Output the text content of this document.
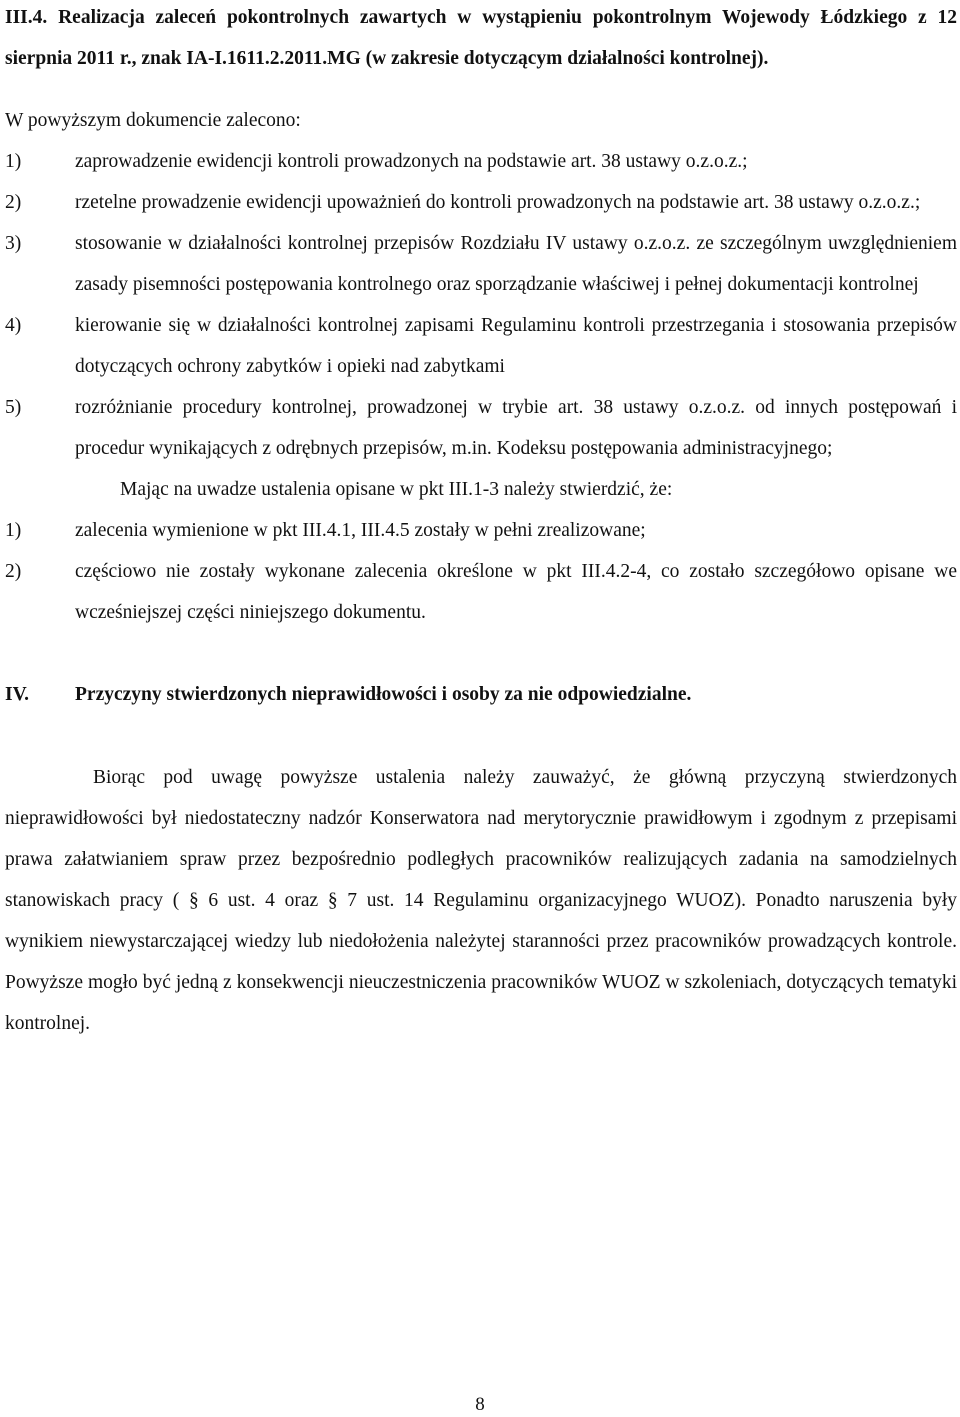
III.4. Realizacja zaleceń pokontrolnych zawartych w wystąpieniu pokontrolnym Wojewody Łódzkiego z 12 sierpnia 2011 r., znak IA-I.1611.2.2011.MG (w zakresie dotyczącym działalności kontrolnej).
W powyższym dokumencie zalecono:
1)	zaprowadzenie ewidencji kontroli prowadzonych na podstawie art. 38 ustawy o.z.o.z.;
2)	rzetelne prowadzenie ewidencji upoważnień do kontroli prowadzonych na podstawie art. 38 ustawy o.z.o.z.;
3)	stosowanie w działalności kontrolnej przepisów Rozdziału IV ustawy o.z.o.z. ze szczególnym uwzględnieniem zasady pisemności postępowania kontrolnego oraz sporządzanie właściwej i pełnej dokumentacji kontrolnej
4)	kierowanie się w działalności kontrolnej zapisami Regulaminu kontroli przestrzegania i stosowania przepisów dotyczących ochrony zabytków i opieki nad zabytkami
5)	rozróżnianie procedury kontrolnej, prowadzonej w trybie art. 38 ustawy o.z.o.z. od innych postępowań i procedur wynikających z odrębnych przepisów, m.in. Kodeksu postępowania administracyjnego;
Mając na uwadze ustalenia opisane w pkt III.1-3 należy stwierdzić, że:
1)	zalecenia wymienione w pkt III.4.1, III.4.5 zostały w pełni zrealizowane;
2)	częściowo nie zostały wykonane zalecenia określone w pkt III.4.2-4, co zostało szczegółowo opisane we wcześniejszej części niniejszego dokumentu.
IV.	Przyczyny stwierdzonych nieprawidłowości i osoby za nie odpowiedzialne.
Biorąc pod uwagę powyższe ustalenia należy zauważyć, że główną przyczyną stwierdzonych nieprawidłowości był niedostateczny nadzór Konserwatora nad merytorycznie prawidłowym i zgodnym z przepisami prawa załatwianiem spraw przez bezpośrednio podległych pracowników realizujących zadania na samodzielnych stanowiskach pracy ( § 6 ust. 4 oraz § 7 ust. 14 Regulaminu organizacyjnego WUOZ). Ponadto naruszenia były wynikiem niewystarczającej wiedzy lub niedołożenia należytej staranności przez pracowników prowadzących kontrole. Powyższe mogło być jedną z konsekwencji nieuczestniczenia pracowników WUOZ w szkoleniach, dotyczących tematyki kontrolnej.
8
